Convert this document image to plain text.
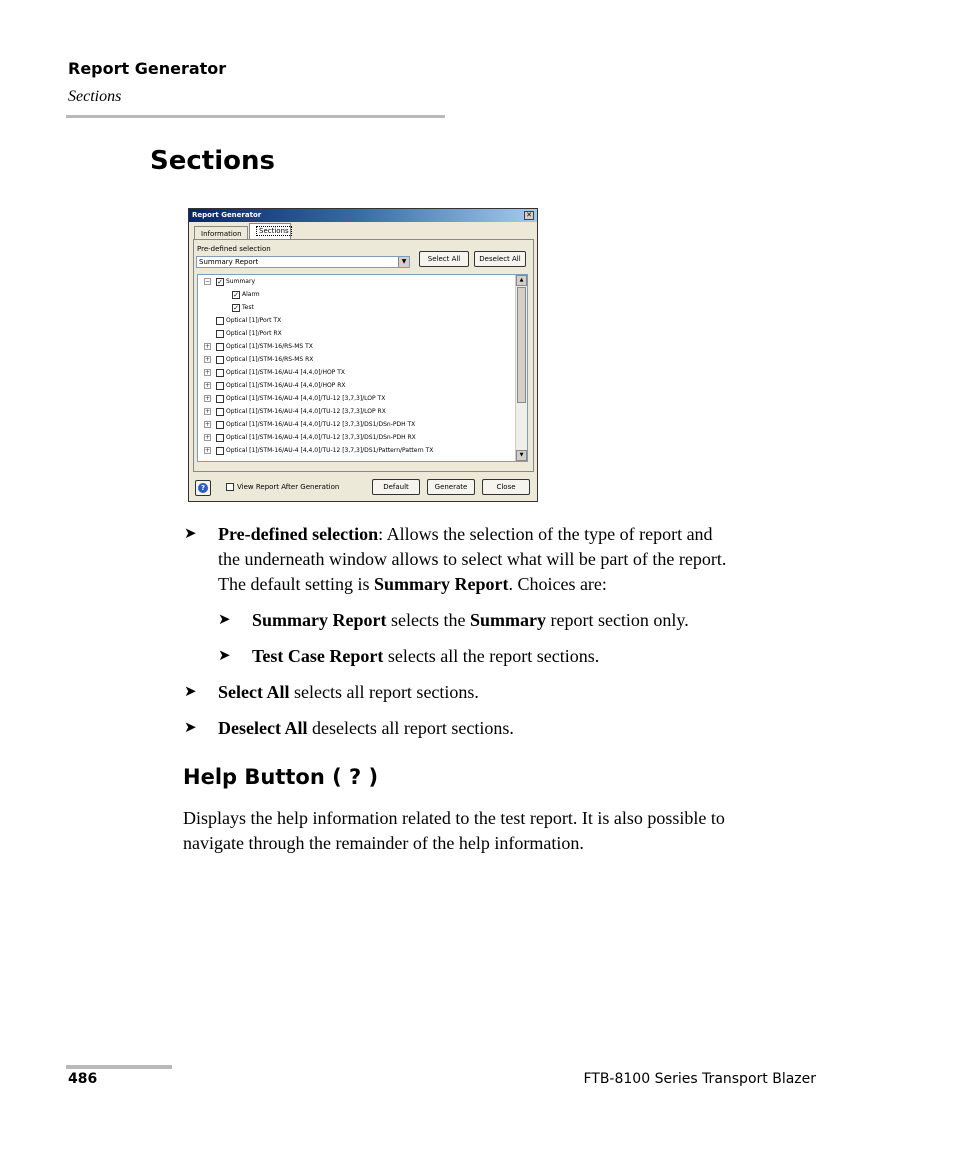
Report Generator
Sections
Sections
Report Generator	✕
Information	Sections
Pre-defined selection
Summary Report	▼	Select All	Deselect All
− ✓ Summary
✓ Alarm
✓ Test
Optical [1]/Port TX
Optical [1]/Port RX
+	Optical [1]/STM-16/RS-MS TX
+	Optical [1]/STM-16/RS-MS RX
+	Optical [1]/STM-16/AU-4 [4,4,0]/HOP TX
+	Optical [1]/STM-16/AU-4 [4,4,0]/HOP RX
+	Optical [1]/STM-16/AU-4 [4,4,0]/TU-12 [3,7,3]/LOP TX
+	Optical [1]/STM-16/AU-4 [4,4,0]/TU-12 [3,7,3]/LOP RX
+	Optical [1]/STM-16/AU-4 [4,4,0]/TU-12 [3,7,3]/DS1/DSn-PDH TX
+	Optical [1]/STM-16/AU-4 [4,4,0]/TU-12 [3,7,3]/DS1/DSn-PDH RX
+	Optical [1]/STM-16/AU-4 [4,4,0]/TU-12 [3,7,3]/DS1/Pattern/Pattern TX
▲
▼
?	View Report After Generation	Default	Generate	Close
➤ Pre-defined selection: Allows the selection of the type of report and
the underneath window allows to select what will be part of the report.
The default setting is Summary Report. Choices are:
➤ Summary Report selects the Summary report section only.
➤ Test Case Report selects all the report sections.
➤ Select All selects all report sections.
➤ Deselect All deselects all report sections.
Help Button ( ? )
Displays the help information related to the test report. It is also possible to
navigate through the remainder of the help information.
486	FTB-8100 Series Transport Blazer
